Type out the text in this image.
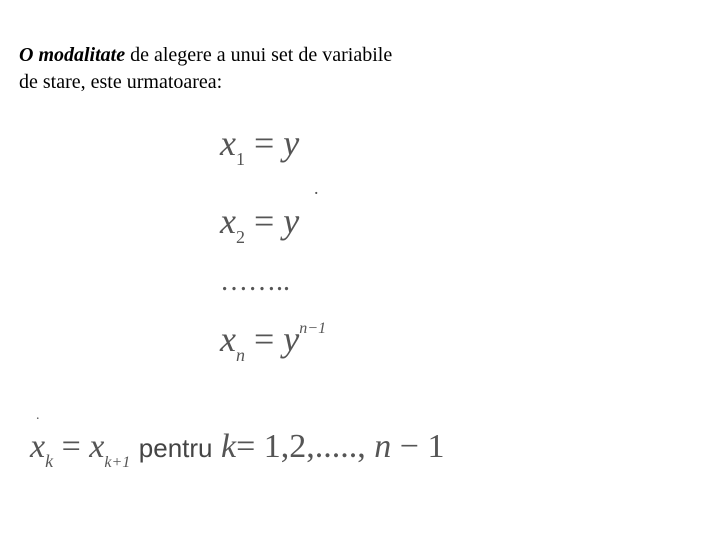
O modalitate de alegere a unui set de variabile de stare, este urmatoarea:
$x_1 = y$
.
$x_2 = y$
……..
$x_n = y^{n-1}$
.
$x_k = x_{k+1}$ pentru k= 1,2,....., n − 1
